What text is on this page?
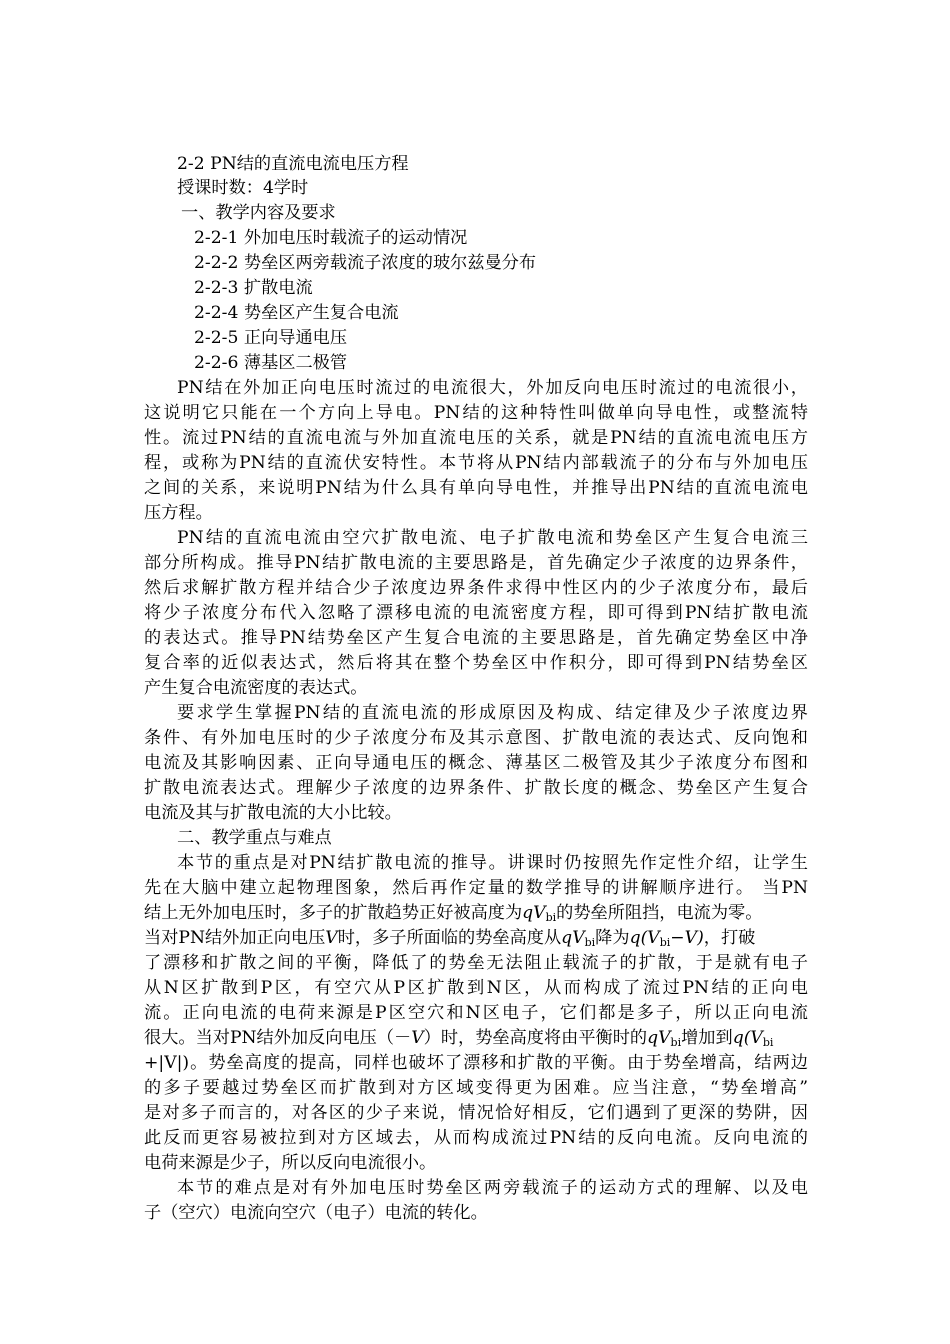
2-2 PN结的直流电流电压方程
授课时数：4学时
一、教学内容及要求
2-2-1 外加电压时载流子的运动情况
2-2-2 势垒区两旁载流子浓度的玻尔兹曼分布
2-2-3 扩散电流
2-2-4 势垒区产生复合电流
2-2-5 正向导通电压
2-2-6 薄基区二极管
PN结在外加正向电压时流过的电流很大，外加反向电压时流过的电流很小，
这说明它只能在一个方向上导电。PN结的这种特性叫做单向导电性，或整流特
性。流过PN结的直流电流与外加直流电压的关系，就是PN结的直流电流电压方
程，或称为PN结的直流伏安特性。本节将从PN结内部载流子的分布与外加电压
之间的关系，来说明PN结为什么具有单向导电性，并推导出PN结的直流电流电
压方程。
PN结的直流电流由空穴扩散电流、电子扩散电流和势垒区产生复合电流三
部分所构成。推导PN结扩散电流的主要思路是，首先确定少子浓度的边界条件，
然后求解扩散方程并结合少子浓度边界条件求得中性区内的少子浓度分布，最后
将少子浓度分布代入忽略了漂移电流的电流密度方程，即可得到PN结扩散电流
的表达式。推导PN结势垒区产生复合电流的主要思路是，首先确定势垒区中净
复合率的近似表达式，然后将其在整个势垒区中作积分，即可得到PN结势垒区
产生复合电流密度的表达式。
要求学生掌握PN结的直流电流的形成原因及构成、结定律及少子浓度边界
条件、有外加电压时的少子浓度分布及其示意图、扩散电流的表达式、反向饱和
电流及其影响因素、正向导通电压的概念、薄基区二极管及其少子浓度分布图和
扩散电流表达式。理解少子浓度的边界条件、扩散长度的概念、势垒区产生复合
电流及其与扩散电流的大小比较。
二、教学重点与难点
本节的重点是对PN结扩散电流的推导。讲课时仍按照先作定性介绍，让学生
先在大脑中建立起物理图象，然后再作定量的数学推导的讲解顺序进行。 当PN
结上无外加电压时，多子的扩散趋势正好被高度为$qV_{bi}$的势垒所阻挡，电流为零。
当对PN结外加正向电压V时，多子所面临的势垒高度从$qV_{bi}$降为$q(V_{bi}-V)$，打破
了漂移和扩散之间的平衡，降低了的势垒无法阻止载流子的扩散，于是就有电子
从N区扩散到P区，有空穴从P区扩散到N区，从而构成了流过PN结的正向电
流。正向电流的电荷来源是P区空穴和N区电子，它们都是多子，所以正向电流
很大。当对PN结外加反向电压（－V）时，势垒高度将由平衡时的$qV_{bi}$增加到$q(V_{bi}$
+|V|)。势垒高度的提高，同样也破坏了漂移和扩散的平衡。由于势垒增高，结两边
的多子要越过势垒区而扩散到对方区域变得更为困难。应当注意，“势垒增高”
是对多子而言的，对各区的少子来说，情况恰好相反，它们遇到了更深的势阱，因
此反而更容易被拉到对方区域去，从而构成流过PN结的反向电流。反向电流的
电荷来源是少子，所以反向电流很小。
本节的难点是对有外加电压时势垒区两旁载流子的运动方式的理解、以及电
子（空穴）电流向空穴（电子）电流的转化。
